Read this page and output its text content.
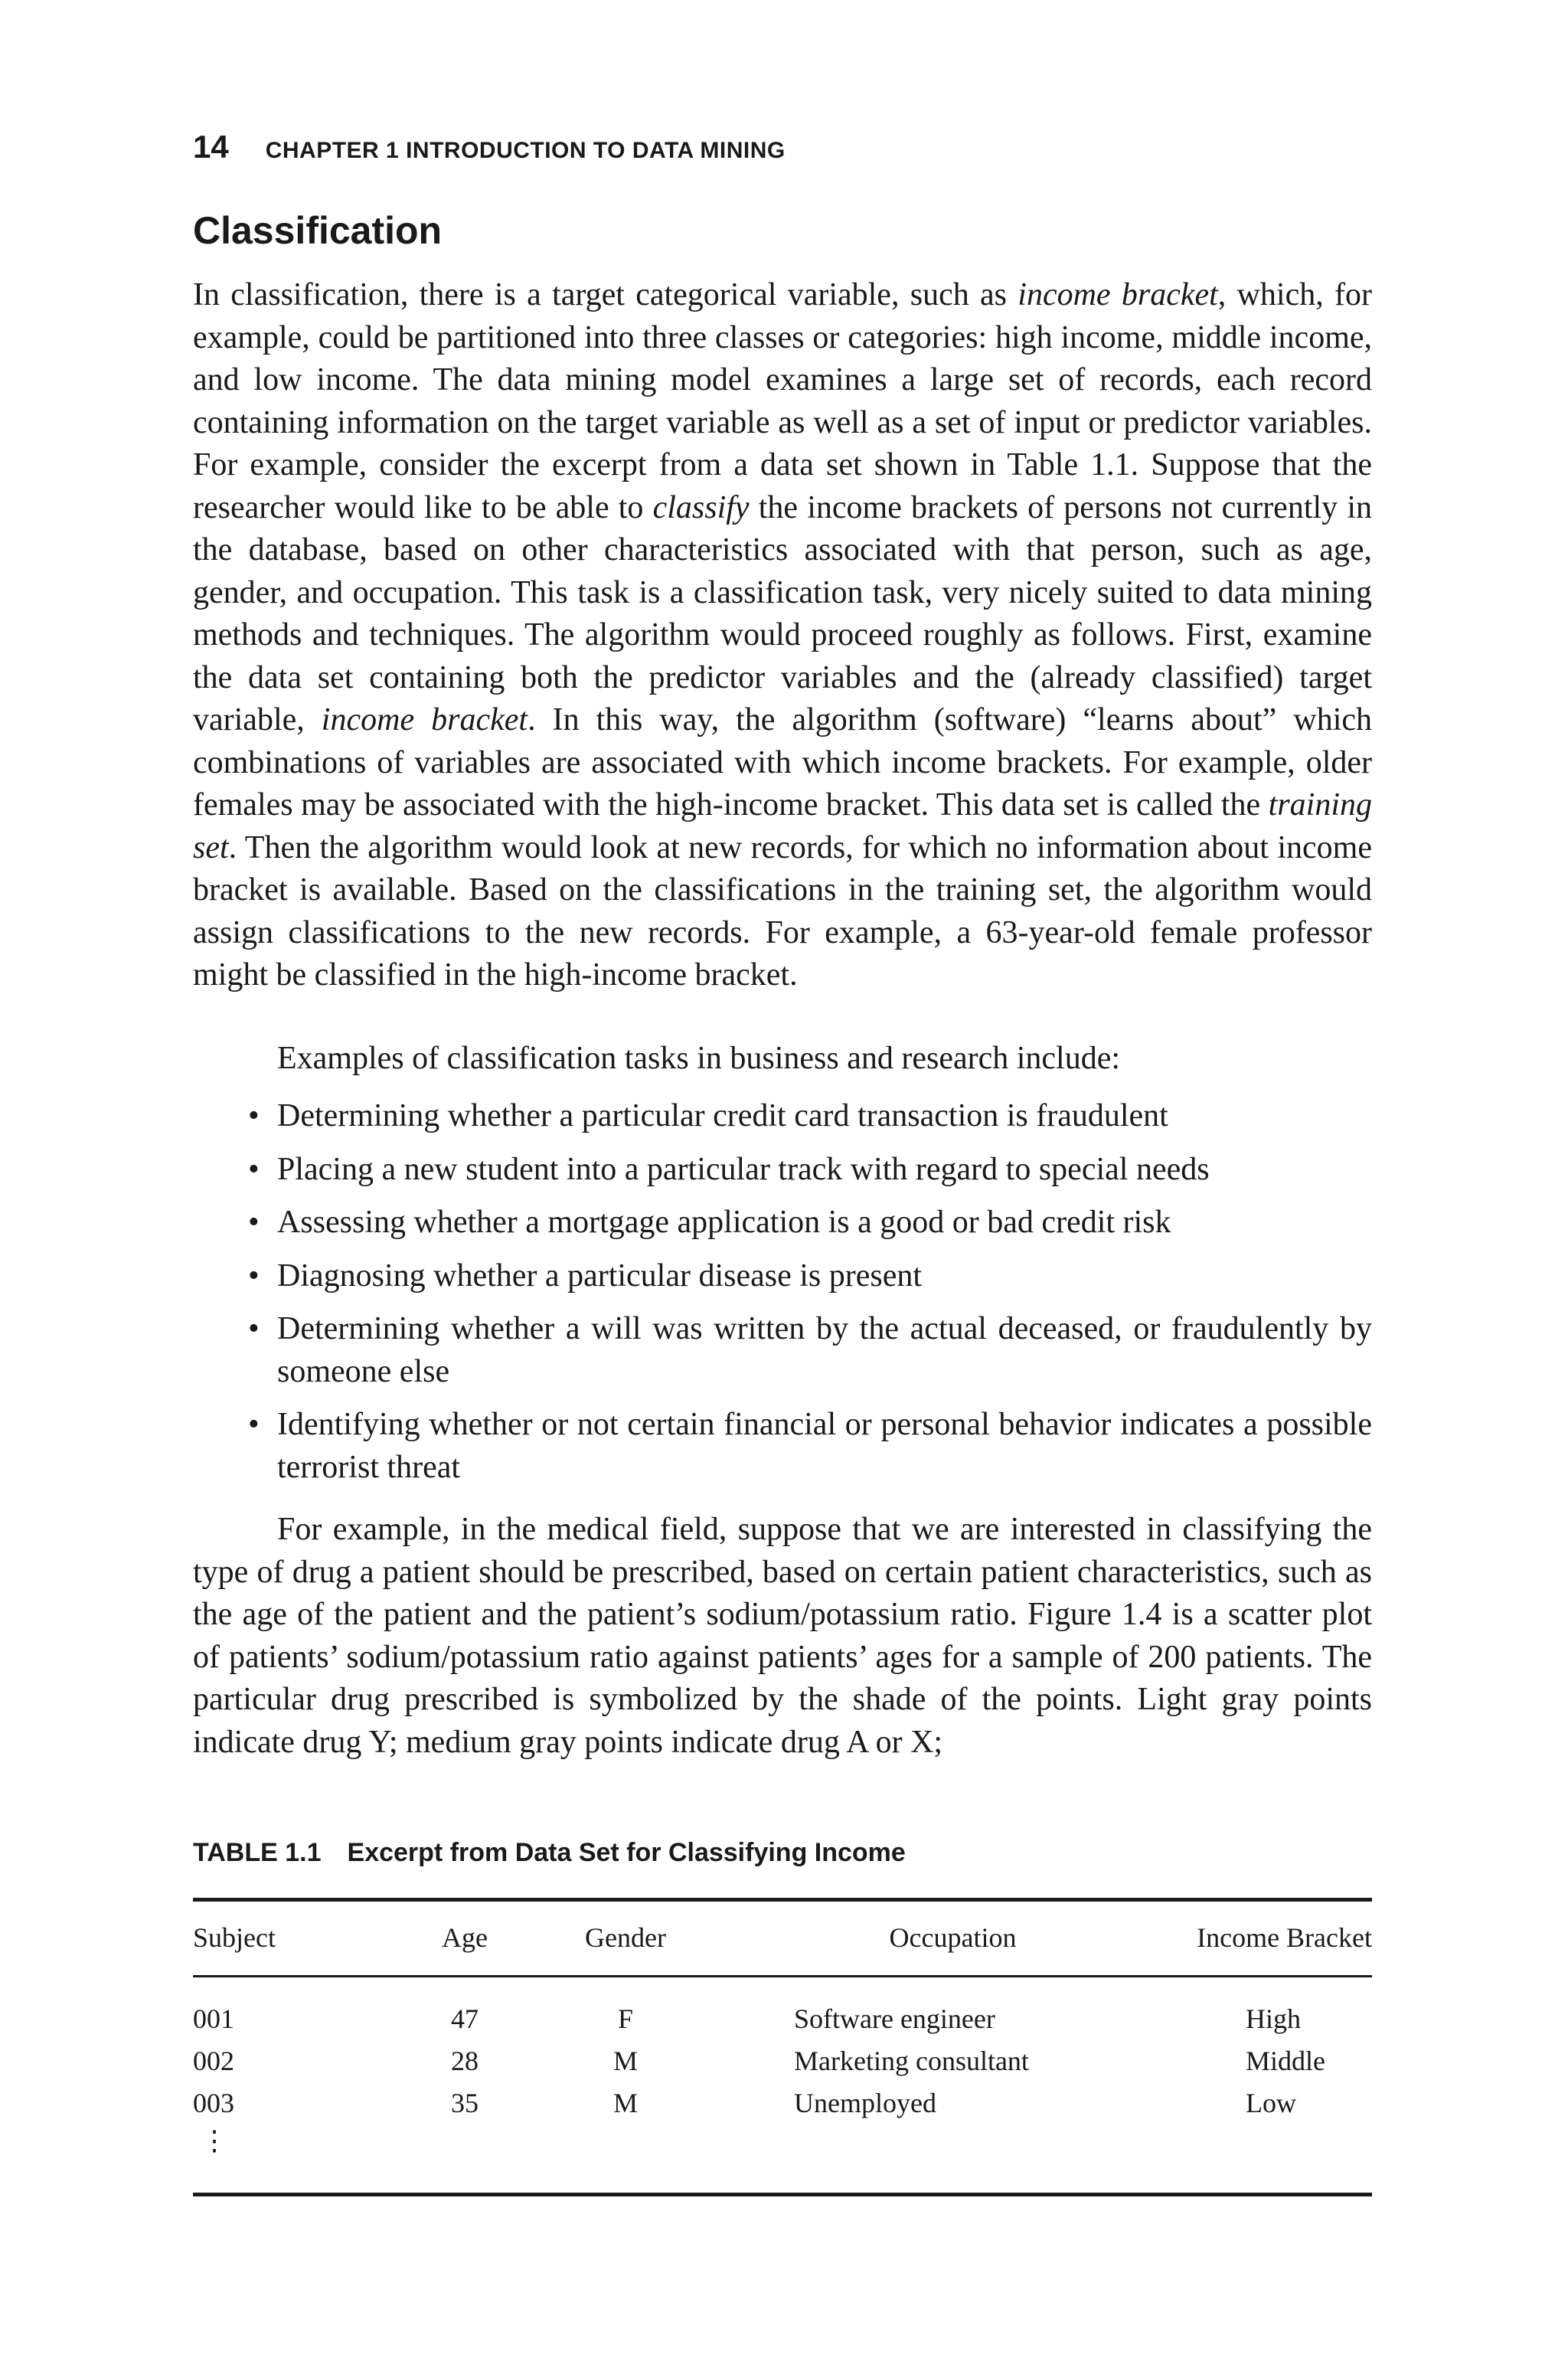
14 CHAPTER 1 INTRODUCTION TO DATA MINING
Classification

In classification, there is a target categorical variable, such as income bracket, which, for example, could be partitioned into three classes or categories: high income, middle income, and low income. The data mining model examines a large set of records, each record containing information on the target variable as well as a set of input or predictor variables. For example, consider the excerpt from a data set shown in Table 1.1. Suppose that the researcher would like to be able to classify the income brackets of persons not currently in the database, based on other characteristics associated with that person, such as age, gender, and occupation. This task is a classification task, very nicely suited to data mining methods and techniques. The algorithm would proceed roughly as follows. First, examine the data set containing both the predictor variables and the (already classified) target variable, income bracket. In this way, the algorithm (software) “learns about” which combinations of variables are associated with which income brackets. For example, older females may be associated with the high-income bracket. This data set is called the training set. Then the algorithm would look at new records, for which no information about income bracket is available. Based on the classifications in the training set, the algorithm would assign classifications to the new records. For example, a 63-year-old female professor might be classified in the high-income bracket.

Examples of classification tasks in business and research include:

• Determining whether a particular credit card transaction is fraudulent
• Placing a new student into a particular track with regard to special needs
• Assessing whether a mortgage application is a good or bad credit risk
• Diagnosing whether a particular disease is present
• Determining whether a will was written by the actual deceased, or fraudulently by someone else
• Identifying whether or not certain financial or personal behavior indicates a possible terrorist threat

For example, in the medical field, suppose that we are interested in classifying the type of drug a patient should be prescribed, based on certain patient characteristics, such as the age of the patient and the patient’s sodium/potassium ratio. Figure 1.4 is a scatter plot of patients’ sodium/potassium ratio against patients’ ages for a sample of 200 patients. The particular drug prescribed is symbolized by the shade of the points. Light gray points indicate drug Y; medium gray points indicate drug A or X;

TABLE 1.1 Excerpt from Data Set for Classifying Income
Subject	Age	Gender	Occupation	Income Bracket
001	47	F	Software engineer	High
002	28	M	Marketing consultant	Middle
003	35	M	Unemployed	Low
⋮				
